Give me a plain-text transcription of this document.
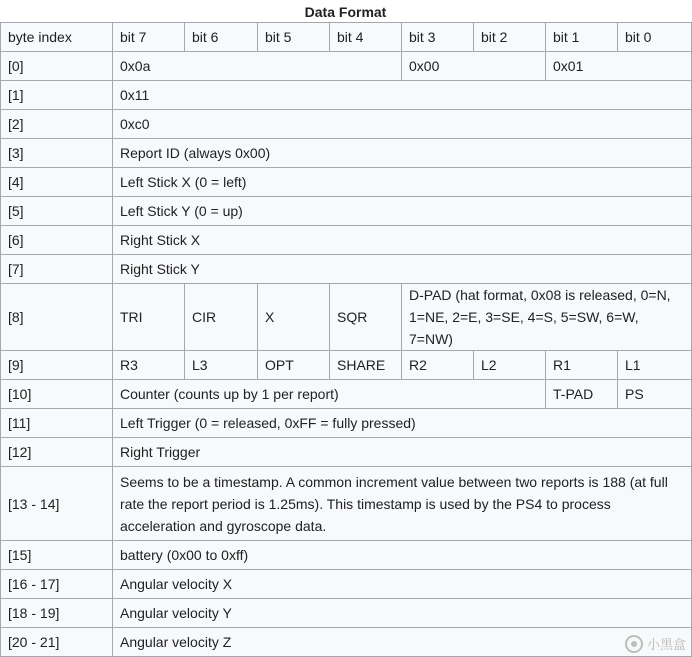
Data Format
byte index	bit 7	bit 6	bit 5	bit 4	bit 3	bit 2	bit 1	bit 0
[0]	0x0a				0x00		0x01	
[1]	0x11							
[2]	0xc0							
[3]	Report ID (always 0x00)							
[4]	Left Stick X (0 = left)							
[5]	Left Stick Y (0 = up)							
[6]	Right Stick X							
[7]	Right Stick Y							
[8]	TRI	CIR	X	SQR	D-PAD (hat format, 0x08 is released, 0=N, 1=NE, 2=E, 3=SE, 4=S, 5=SW, 6=W, 7=NW)			
[9]	R3	L3	OPT	SHARE	R2	L2	R1	L1
[10]	Counter (counts up by 1 per report)						T-PAD	PS
[11]	Left Trigger (0 = released, 0xFF = fully pressed)							
[12]	Right Trigger							
[13 - 14]	Seems to be a timestamp. A common increment value between two reports is 188 (at full rate the report period is 1.25ms). This timestamp is used by the PS4 to process acceleration and gyroscope data.							
[15]	battery (0x00 to 0xff)							
[16 - 17]	Angular velocity X							
[18 - 19]	Angular velocity Y							
[20 - 21]	Angular velocity Z								小黑盒
